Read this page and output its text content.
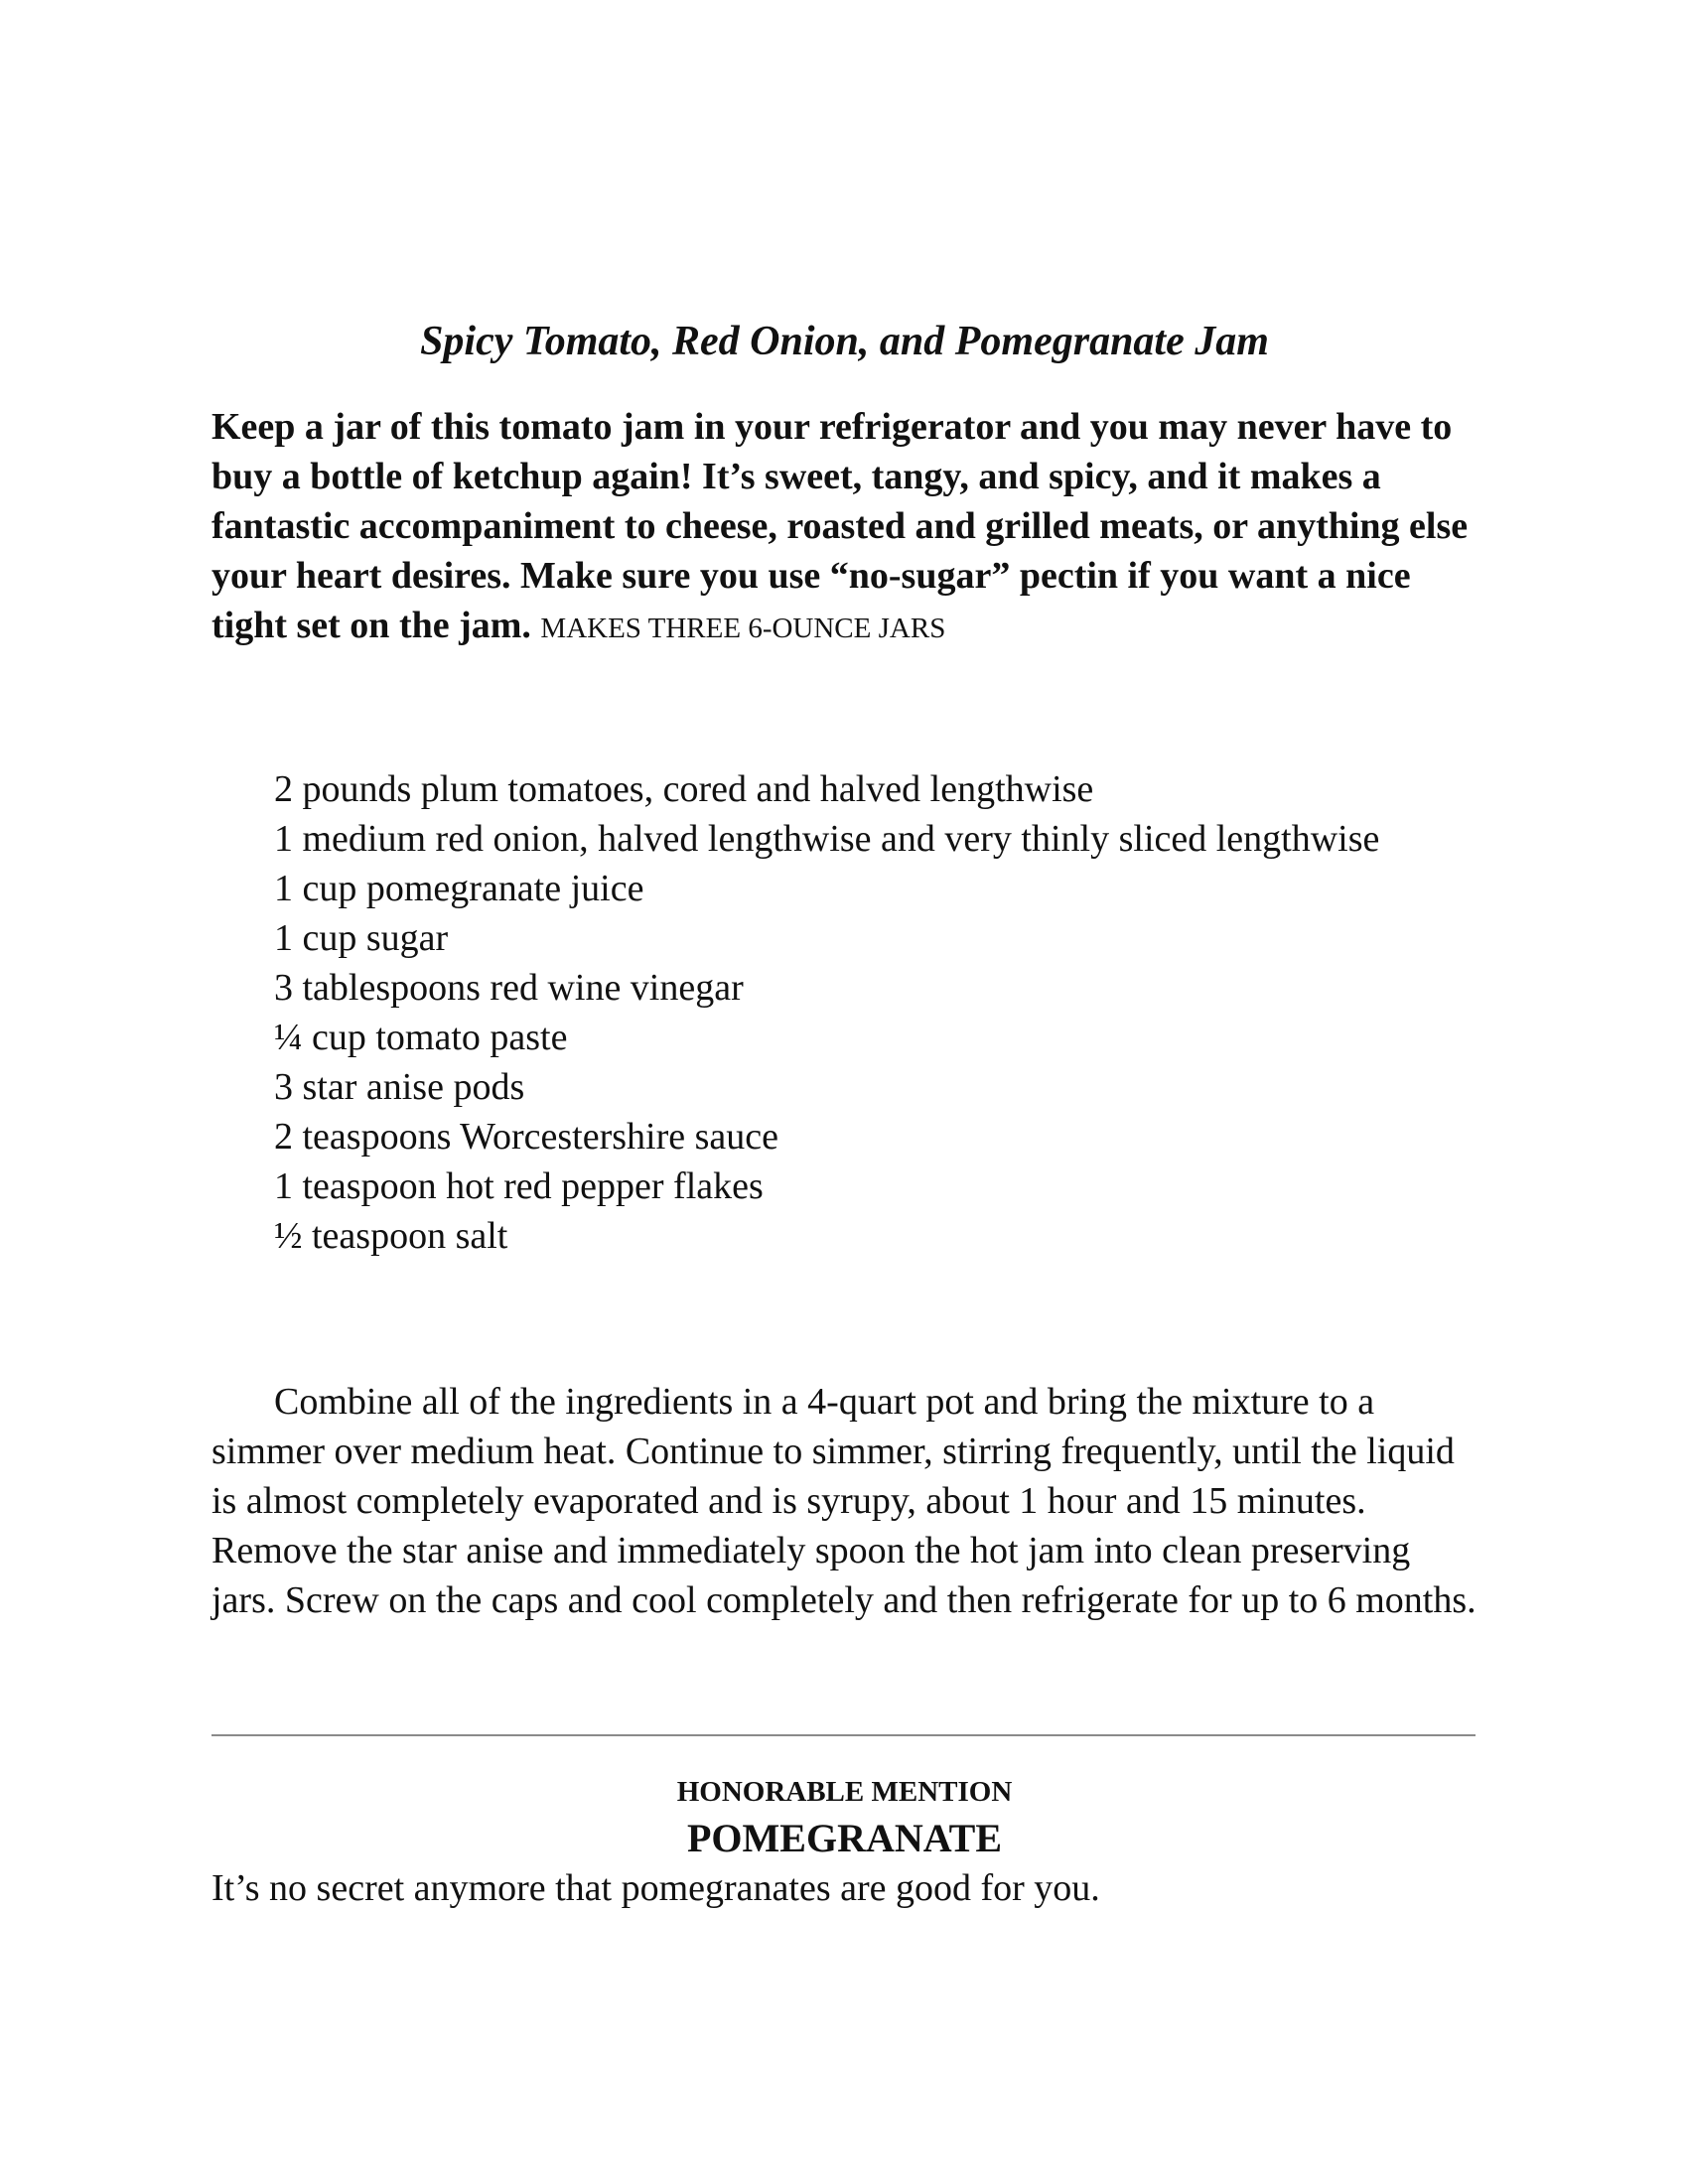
Spicy Tomato, Red Onion, and Pomegranate Jam

Keep a jar of this tomato jam in your refrigerator and you may never have to buy a bottle of ketchup again! It’s sweet, tangy, and spicy, and it makes a fantastic accompaniment to cheese, roasted and grilled meats, or anything else your heart desires. Make sure you use “no-sugar” pectin if you want a nice tight set on the jam. MAKES THREE 6-OUNCE JARS

2 pounds plum tomatoes, cored and halved lengthwise
1 medium red onion, halved lengthwise and very thinly sliced lengthwise
1 cup pomegranate juice
1 cup sugar
3 tablespoons red wine vinegar
¼ cup tomato paste
3 star anise pods
2 teaspoons Worcestershire sauce
1 teaspoon hot red pepper flakes
½ teaspoon salt

Combine all of the ingredients in a 4-quart pot and bring the mixture to a simmer over medium heat. Continue to simmer, stirring frequently, until the liquid is almost completely evaporated and is syrupy, about 1 hour and 15 minutes. Remove the star anise and immediately spoon the hot jam into clean preserving jars. Screw on the caps and cool completely and then refrigerate for up to 6 months.

HONORABLE MENTION
POMEGRANATE

It’s no secret anymore that pomegranates are good for you.
